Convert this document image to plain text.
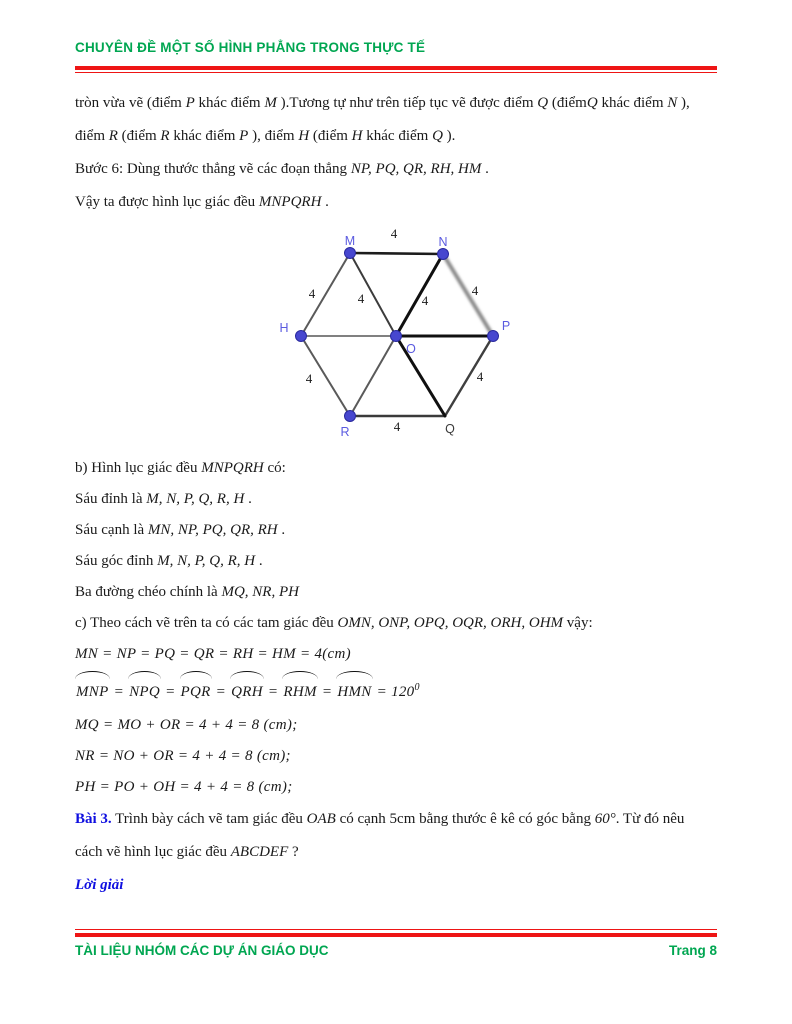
CHUYÊN ĐỀ MỘT SỐ HÌNH PHẲNG TRONG THỰC TẾ
tròn vừa vẽ (điểm P khác điểm M ).Tương tự như trên tiếp tục vẽ được điểm Q (điểmQ khác điểm N ),
điểm R (điểm R khác điểm P ), điểm H (điểm H khác điểm Q ).
Bước 6: Dùng thước thẳng vẽ các đoạn thẳng NP, PQ, QR, RH, HM .
Vậy ta được hình lục giác đều MNPQRH .
M	N
H	P
O
R	Q
4
4	4	4
4
4	4
4
b) Hình lục giác đều MNPQRH có:
Sáu đỉnh là M, N, P, Q, R, H .
Sáu cạnh là MN, NP, PQ, QR, RH .
Sáu góc đỉnh M, N, P, Q, R, H .
Ba đường chéo chính là MQ, NR, PH
c) Theo cách vẽ trên ta có các tam giác đều OMN, ONP, OPQ, OQR, ORH, OHM vậy:
MN = NP = PQ = QR = RH = HM = 4(cm)
MNP = NPQ = PQR = QRH = RHM = HMN = $120^0$
MQ = MO + OR = 4 + 4 = 8 (cm);
NR = NO + OR = 4 + 4 = 8 (cm);
PH = PO + OH = 4 + 4 = 8 (cm);
Bài 3. Trình bày cách vẽ tam giác đều OAB có cạnh 5cm bằng thước ê kê có góc bằng 60°. Từ đó nêu
cách vẽ hình lục giác đều ABCDEF ?
Lời giải
TÀI LIỆU NHÓM CÁC DỰ ÁN GIÁO DỤC	Trang 8
